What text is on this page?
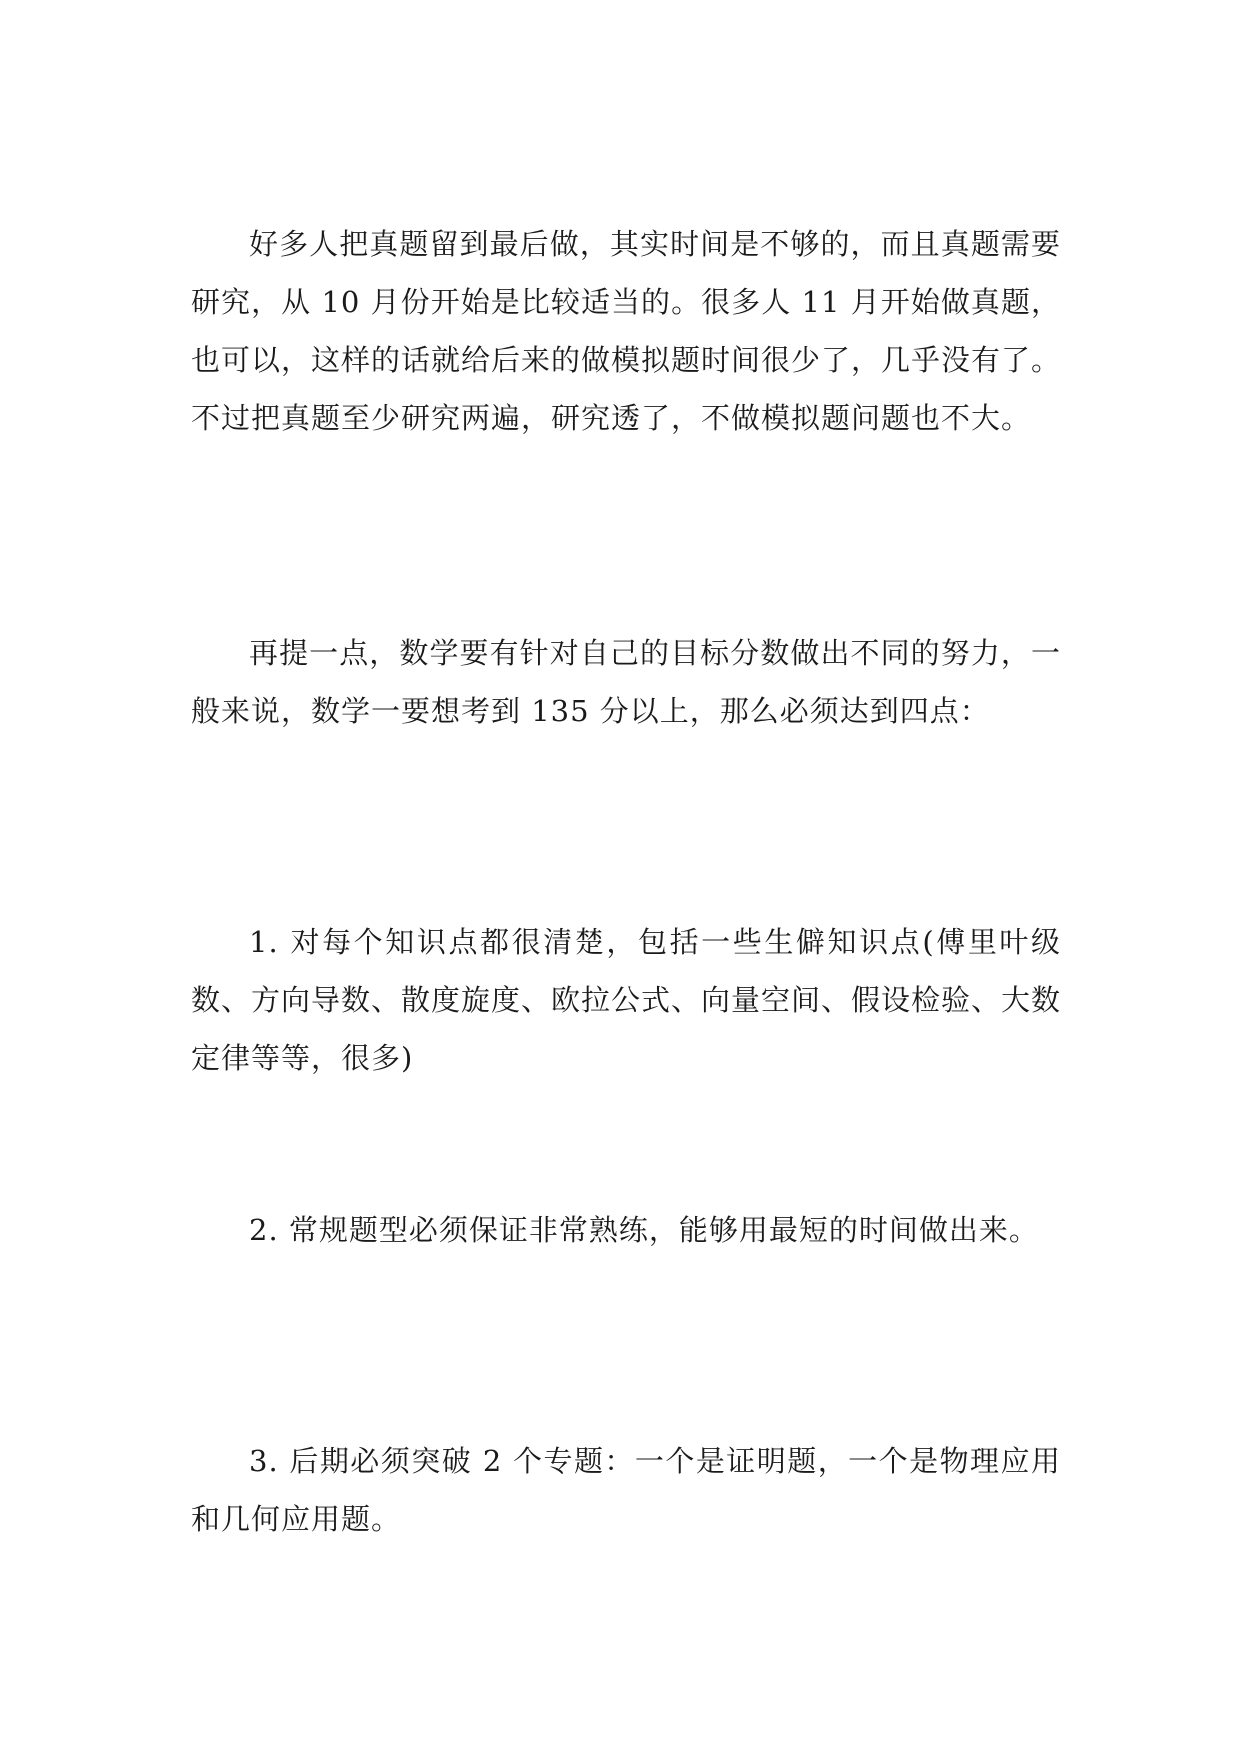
好多人把真题留到最后做，其实时间是不够的，而且真题需要研究，从 10 月份开始是比较适当的。很多人 11 月开始做真题，也可以，这样的话就给后来的做模拟题时间很少了，几乎没有了。不过把真题至少研究两遍，研究透了，不做模拟题问题也不大。

再提一点，数学要有针对自己的目标分数做出不同的努力，一般来说，数学一要想考到 135 分以上，那么必须达到四点：

1. 对每个知识点都很清楚，包括一些生僻知识点(傅里叶级数、方向导数、散度旋度、欧拉公式、向量空间、假设检验、大数定律等等，很多)

2. 常规题型必须保证非常熟练，能够用最短的时间做出来。

3. 后期必须突破 2 个专题：一个是证明题，一个是物理应用和几何应用题。
